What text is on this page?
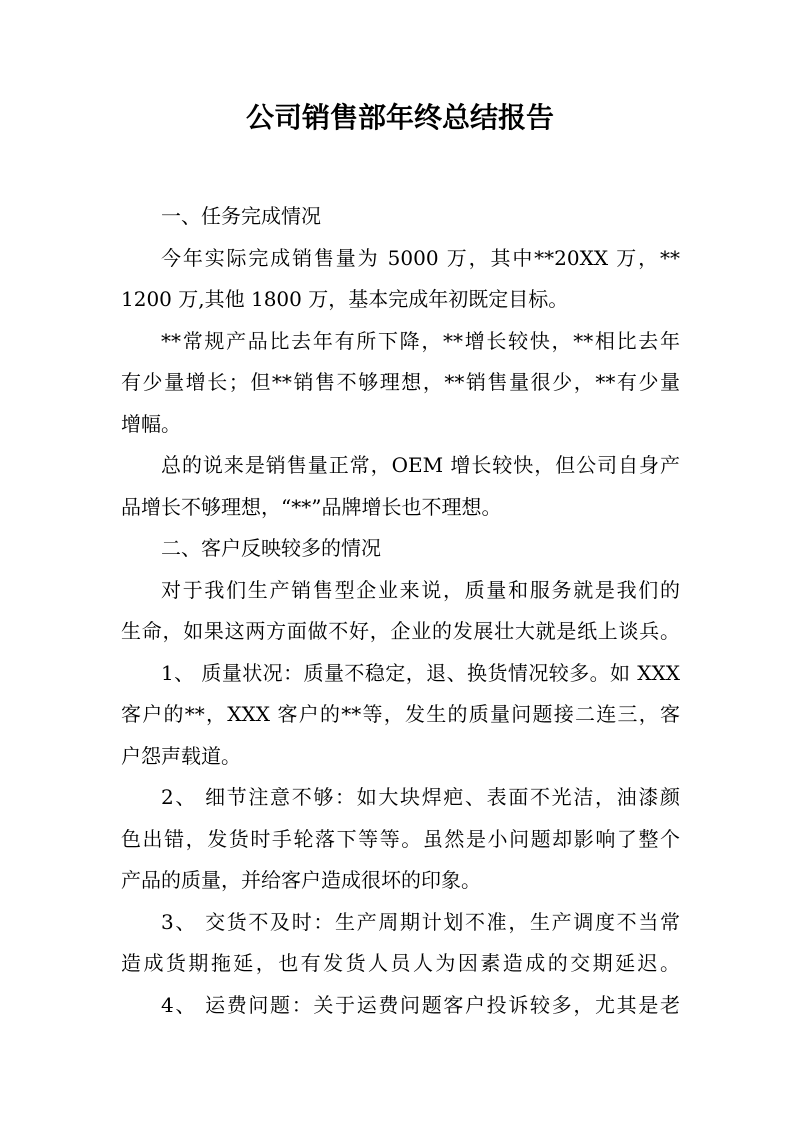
公司销售部年终总结报告
一、任务完成情况
今年实际完成销售量为 5000 万，其中**20XX 万，**
1200 万,其他 1800 万，基本完成年初既定目标。
**常规产品比去年有所下降，**增长较快，**相比去年
有少量增长；但**销售不够理想，**销售量很少，**有少量
增幅。
总的说来是销售量正常，OEM 增长较快，但公司自身产
品增长不够理想，“**”品牌增长也不理想。
二、客户反映较多的情况
对于我们生产销售型企业来说，质量和服务就是我们的
生命，如果这两方面做不好，企业的发展壮大就是纸上谈兵。
1、 质量状况：质量不稳定，退、换货情况较多。如 XXX
客户的**，XXX 客户的**等，发生的质量问题接二连三，客
户怨声载道。
2、 细节注意不够：如大块焊疤、表面不光洁，油漆颜
色出错，发货时手轮落下等等。虽然是小问题却影响了整个
产品的质量，并给客户造成很坏的印象。
3、 交货不及时：生产周期计划不准，生产调度不当常
造成货期拖延，也有发货人员人为因素造成的交期延迟。
4、 运费问题：关于运费问题客户投诉较多，尤其是老
